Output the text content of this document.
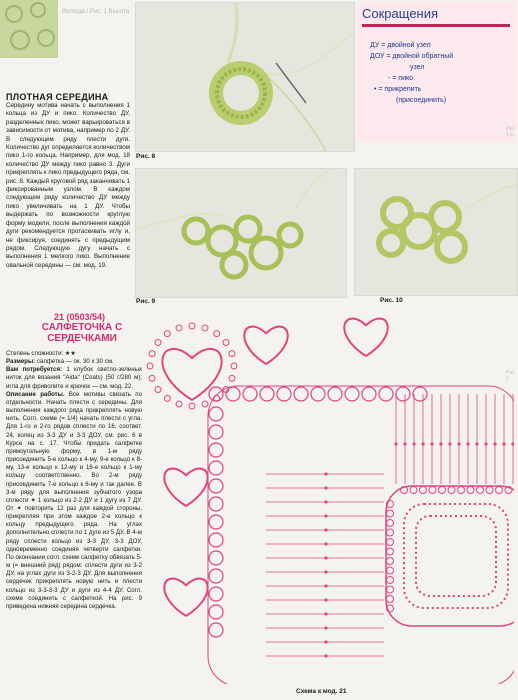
Вологда / Рис. 1 Высота
ПЛОТНАЯ СЕРЕДИНА
Середину мотива начать с выполнения 1 кольца из ДУ и пико. Количество ДУ, разделенных пико, может варьироваться в зависимости от мотива, например по 2 ДУ. В следующем ряду плести дуги. Количество дуг определяется количеством пико 1-го кольца. Например, для мод. 18 количество ДУ между пико равно 3. Дуги прикреплять к пико предыдущего ряда, см. рис. 8. Каждый круговой ряд заканчивать 1 фиксированным узлом. В каждом следующем ряду количество ДУ между пико увеличивать на 1 ДУ. Чтобы выдержать по возможности круглую форму модели, после выполнения каждой дуги рекомендуется протаскивать иглу и, не фиксируя, соединять с предыдущим рядом. Следующую дугу начать с выполнения 1 мелкого пико. Выполнение овальной середины — см. мод. 19.
Рис. 8
Сокращения
ДУ = двойной узел
ДОУ = двойной обратный
узел
- = пико
• = прикрепить
(присоединить)
Рис. 9	Рис. 10
21 (0503/54)
САЛФЕТОЧКА С СЕРДЕЧКАМИ
Степень сложности: ★★
Размеры: салфетка — ок. 30 х 30 см.
Вам потребуется: 1 клубок светло-зеленых ниток для вязания "Aida" (Coats) (50 г/280 м); игла для фриволите и крючок — см. мод. 22.
Описание работы. Все мотивы связать по отдельности. Начать плести с середины. Для выполнения каждого ряда прикреплять новую нить. Согл. схеме (= 1/4) начать плести с угла. Для 1-го и 2-го рядов сплести по 16, соответ. 24, колец из 3-3 ДУ и 3-3 ДОУ, см. рис. 6 в Курсе на с. 17. Чтобы придать салфетке прямоугольную форму, в 1-м ряду присоединить 5-е кольцо к 4-му, 9-е кольцо к 8-му, 13-е кольцо к 12-му и 16-е кольцо к 1-му кольцу соответственно. Во 2-м ряду присоединить 7-е кольцо к 6-му и так далее. В 3-м ряду для выполнения зубчатого узора сплести ✦ 1 кольцо из 2-2 ДУ и 1 дугу из 7 ДУ. От ✦ повторить 12 раз для каждой стороны, прикрепляя при этом каждое 2-е кольцо к кольцу предыдущего ряда. На углах дополнительно сплести по 1 дуге из 5 ДУ. В 4-м ряду сплести кольцо из 3-3 ДУ, 3-3 ДОУ, одновременно соединяя четверти салфетки. По окончании согл. схеме салфетку обвязать 5-м (= внешний ряд) рядом: сплести дуги из 3-2 ДУ, на углах дуги из 3-2-3 ДУ. Для выполнения сердечек прикреплять новую нить и плести кольцо из 3-3-3-3 ДУ и дуги из 4-4 ДУ. Согл. схеме соединить с салфеткой. На рис. 9 приведена нижняя середина сердечка.
Схема к мод. 21
Рис. 1 в
Рис. 2
